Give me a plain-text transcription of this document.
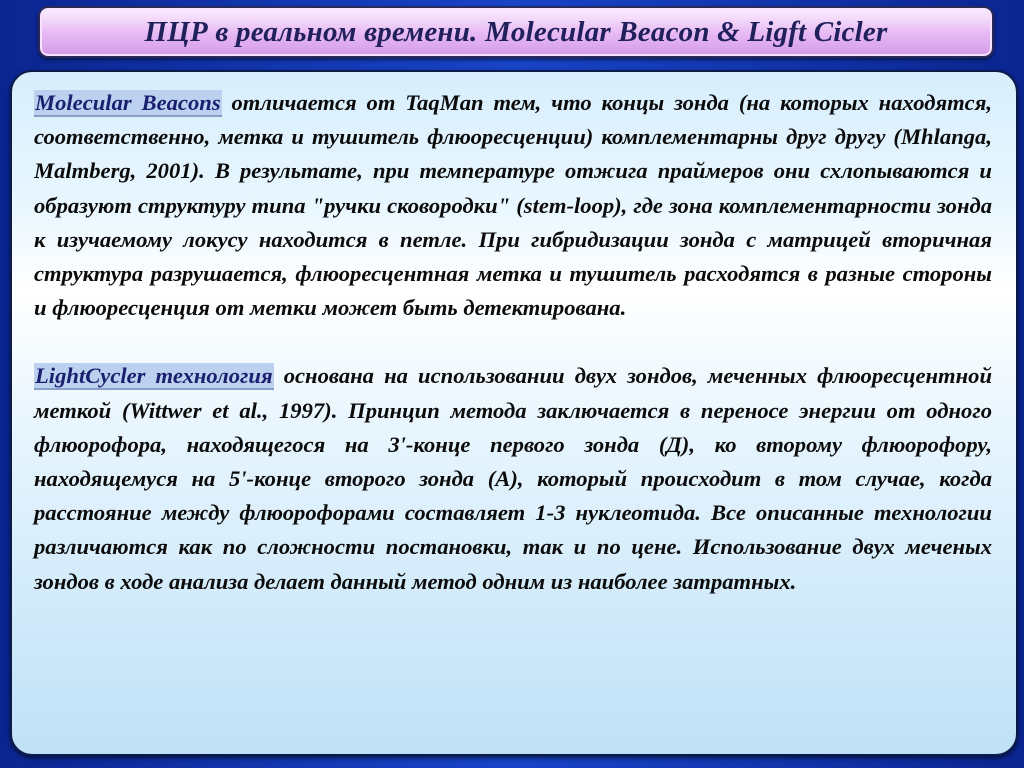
ПЦР в реальном времени. Molecular Beacon & Ligft Cicler

Molecular Beacons отличается от TaqMan тем, что концы зонда (на которых находятся, соответственно, метка и тушитель флюоресценции) комплементарны друг другу (Mhlanga, Malmberg, 2001). В результате, при температуре отжига праймеров они схлопываются и образуют структуру типа "ручки сковородки" (stem-loop), где зона комплементарности зонда к изучаемому локусу находится в петле. При гибридизации зонда с матрицей вторичная структура разрушается, флюоресцентная метка и тушитель расходятся в разные стороны и флюоресценция от метки может быть детектирована.

LightCycler технология основана на использовании двух зондов, меченных флюоресцентной меткой (Wittwer et al., 1997). Принцип метода заключается в переносе энергии от одного флюорофора, находящегося на 3'-конце первого зонда (Д), ко второму флюорофору, находящемуся на 5'-конце второго зонда (А), который происходит в том случае, когда расстояние между флюорофорами составляет 1-3 нуклеотида. Все описанные технологии различаются как по сложности постановки, так и по цене. Использование двух меченых зондов в ходе анализа делает данный метод одним из наиболее затратных.
